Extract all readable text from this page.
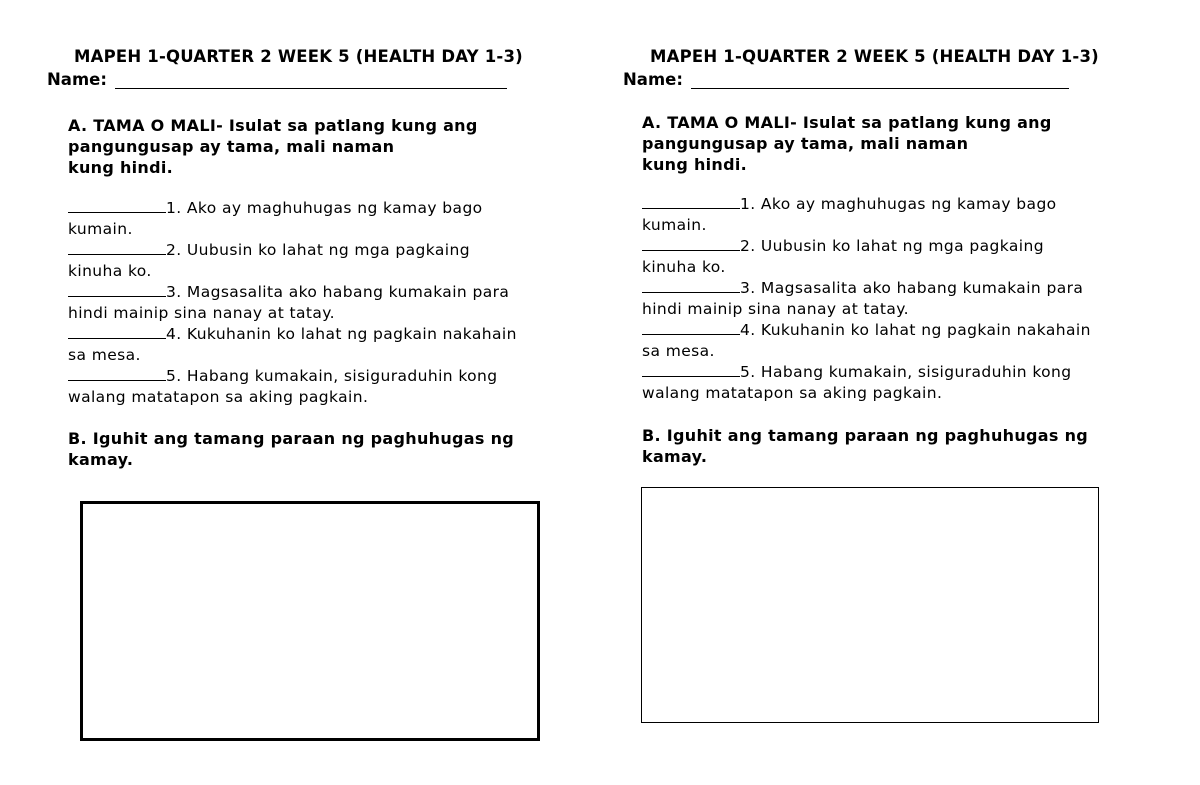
MAPEH 1-QUARTER 2 WEEK 5 (HEALTH DAY 1-3)
Name:
A. TAMA O MALI- Isulat sa patlang kung ang
pangungusap ay tama, mali naman
kung hindi.
1. Ako ay maghuhugas ng kamay bago
kumain.
2. Uubusin ko lahat ng mga pagkaing
kinuha ko.
3. Magsasalita ako habang kumakain para
hindi mainip sina nanay at tatay.
4. Kukuhanin ko lahat ng pagkain nakahain
sa mesa.
5. Habang kumakain, sisiguraduhin kong
walang matatapon sa aking pagkain.
B. Iguhit ang tamang paraan ng paghuhugas ng
kamay.
MAPEH 1-QUARTER 2 WEEK 5 (HEALTH DAY 1-3)
Name:
A. TAMA O MALI- Isulat sa patlang kung ang
pangungusap ay tama, mali naman
kung hindi.
1. Ako ay maghuhugas ng kamay bago
kumain.
2. Uubusin ko lahat ng mga pagkaing
kinuha ko.
3. Magsasalita ako habang kumakain para
hindi mainip sina nanay at tatay.
4. Kukuhanin ko lahat ng pagkain nakahain
sa mesa.
5. Habang kumakain, sisiguraduhin kong
walang matatapon sa aking pagkain.
B. Iguhit ang tamang paraan ng paghuhugas ng
kamay.
